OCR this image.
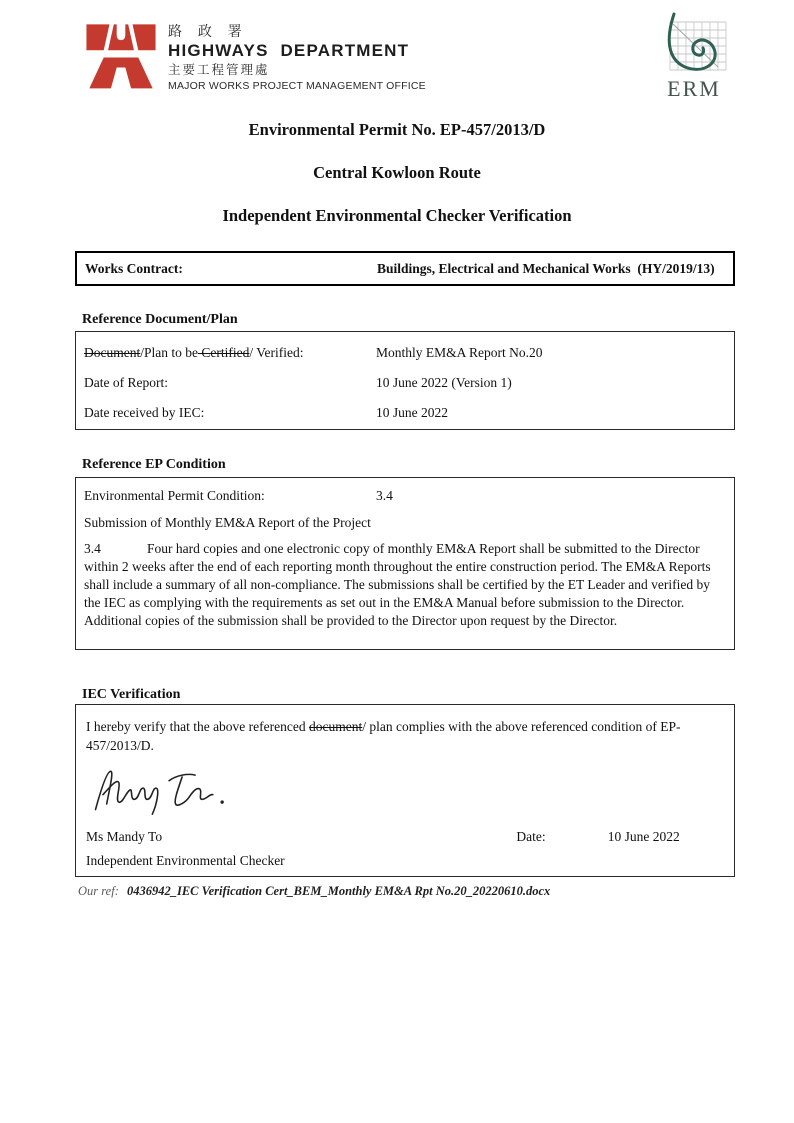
路 政 署
HIGHWAYS  DEPARTMENT
主要工程管理處
MAJOR WORKS PROJECT MANAGEMENT OFFICE	ERM
Environmental Permit No. EP-457/2013/D
Central Kowloon Route
Independent Environmental Checker Verification
Works Contract:	Buildings, Electrical and Mechanical Works  (HY/2019/13)
Reference Document/Plan
Document/Plan to be Certified/ Verified:	Monthly EM&A Report No.20
Date of Report:	10 June 2022 (Version 1)
Date received by IEC:	10 June 2022
Reference EP Condition
Environmental Permit Condition:	3.4
Submission of Monthly EM&A Report of the Project
3.4	Four hard copies and one electronic copy of monthly EM&A Report shall be submitted to the Director within 2 weeks after the end of each reporting month throughout the entire construction period. The EM&A Reports shall include a summary of all non-compliance. The submissions shall be certified by the ET Leader and verified by the IEC as complying with the requirements as set out in the EM&A Manual before submission to the Director. Additional copies of the submission shall be provided to the Director upon request by the Director.
IEC Verification
I hereby verify that the above referenced document/ plan complies with the above referenced condition of EP-457/2013/D.
Ms Mandy To	Date:	10 June 2022
Independent Environmental Checker
Our ref: 0436942_IEC Verification Cert_BEM_Monthly EM&A Rpt No.20_20220610.docx
